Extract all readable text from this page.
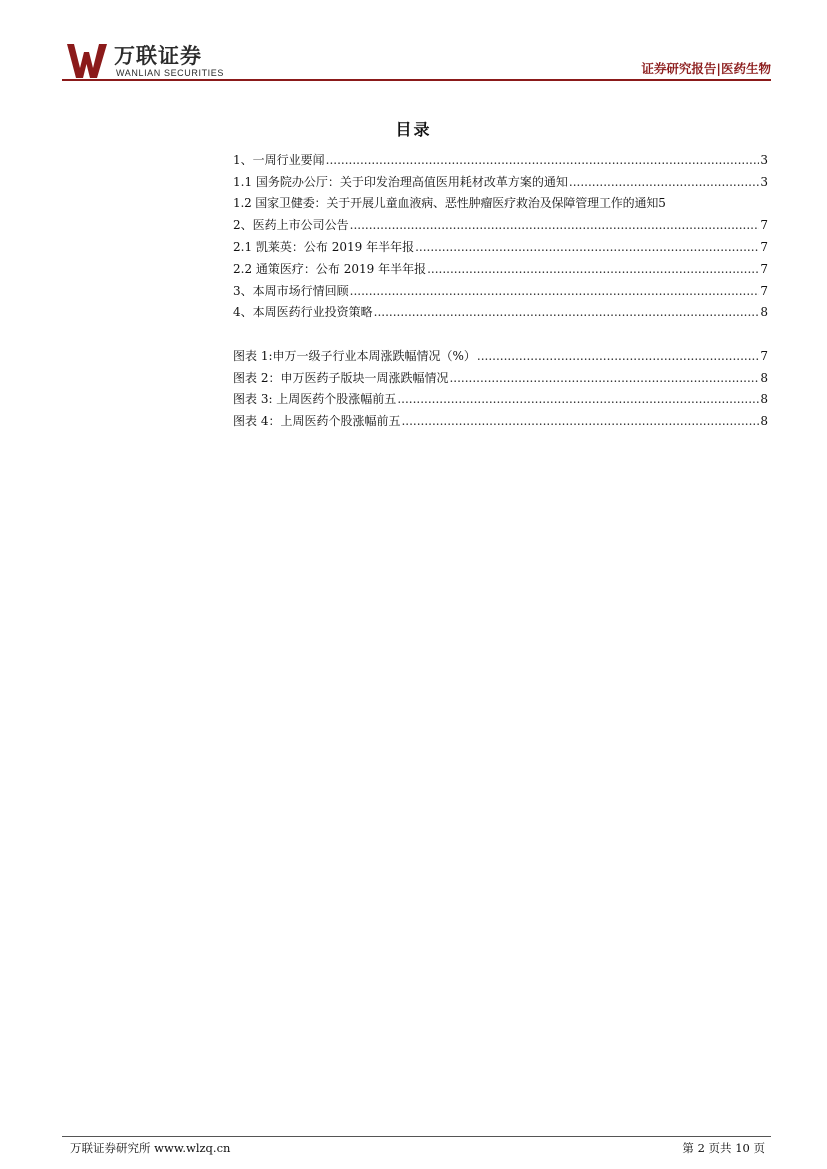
万联证券
WANLIAN SECURITIES	证券研究报告|医药生物
目录
1、一周行业要闻 .....	3
1.1 国务院办公厅：关于印发治理高值医用耗材改革方案的通知 .....	3
1.2 国家卫健委：关于开展儿童血液病、恶性肿瘤医疗救治及保障管理工作的通知 5
2、医药上市公司公告 .....	7
2.1 凯莱英：公布 2019 年半年报 .....	7
2.2 通策医疗：公布 2019 年半年报 .....	7
3、本周市场行情回顾 .....	7
4、本周医药行业投资策略 .....	8
图表 1:申万一级子行业本周涨跌幅情况（%） .....	7
图表 2：申万医药子版块一周涨跌幅情况 .....	8
图表 3: 上周医药个股涨幅前五 .....	8
图表 4：上周医药个股涨幅前五 .....	8
万联证券研究所 www.wlzq.cn	第 2 页共 10 页
